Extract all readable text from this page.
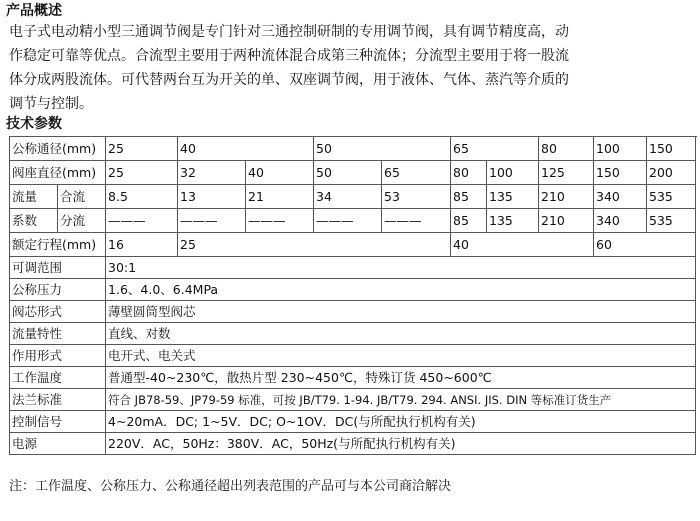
产品概述
电子式电动精小型三通调节阀是专门针对三通控制研制的专用调节阀，具有调节精度高，动
作稳定可靠等优点。合流型主要用于两种流体混合成第三种流体；分流型主要用于将一股流
体分成两股流体。可代替两台互为开关的单、双座调节阀，用于液体、气体、蒸汽等介质的
调节与控制。
技术参数
公称通径(mm)		25	40		50		65		80	100	150	
阀座直径(mm)		25	32	40	50	65	80	100	125	150	200	
流量	合流	8.5	13	21	34	53	85	135	210	340	535	
系数	分流	———	———	———	———	———	85	135	210	340	535	
额定行程(mm)		16	25				40			60		
可调范围		30:1										
公称压力		1.6、4.0、6.4MPa										
阀芯形式		薄壁圆筒型阀芯										
流量特性		直线、对数										
作用形式		电开式、电关式										
工作温度		普通型-40~230℃，散热片型 230~450℃，特殊订货 450~600℃										
法兰标准		符合 JB78-59、JP79-59 标准，可按 JB/T79. 1-94. JB/T79. 294. ANSI. JIS. DIN 等标准订货生产										
控制信号		4~20mA．DC; 1~5V．DC; O~1OV．DC(与所配执行机构有关)										
电源		220V．AC，50Hz：380V．AC，50Hz(与所配执行机构有关)										
注：工作温度、公称压力、公称通径超出列表范围的产品可与本公司商洽解决
